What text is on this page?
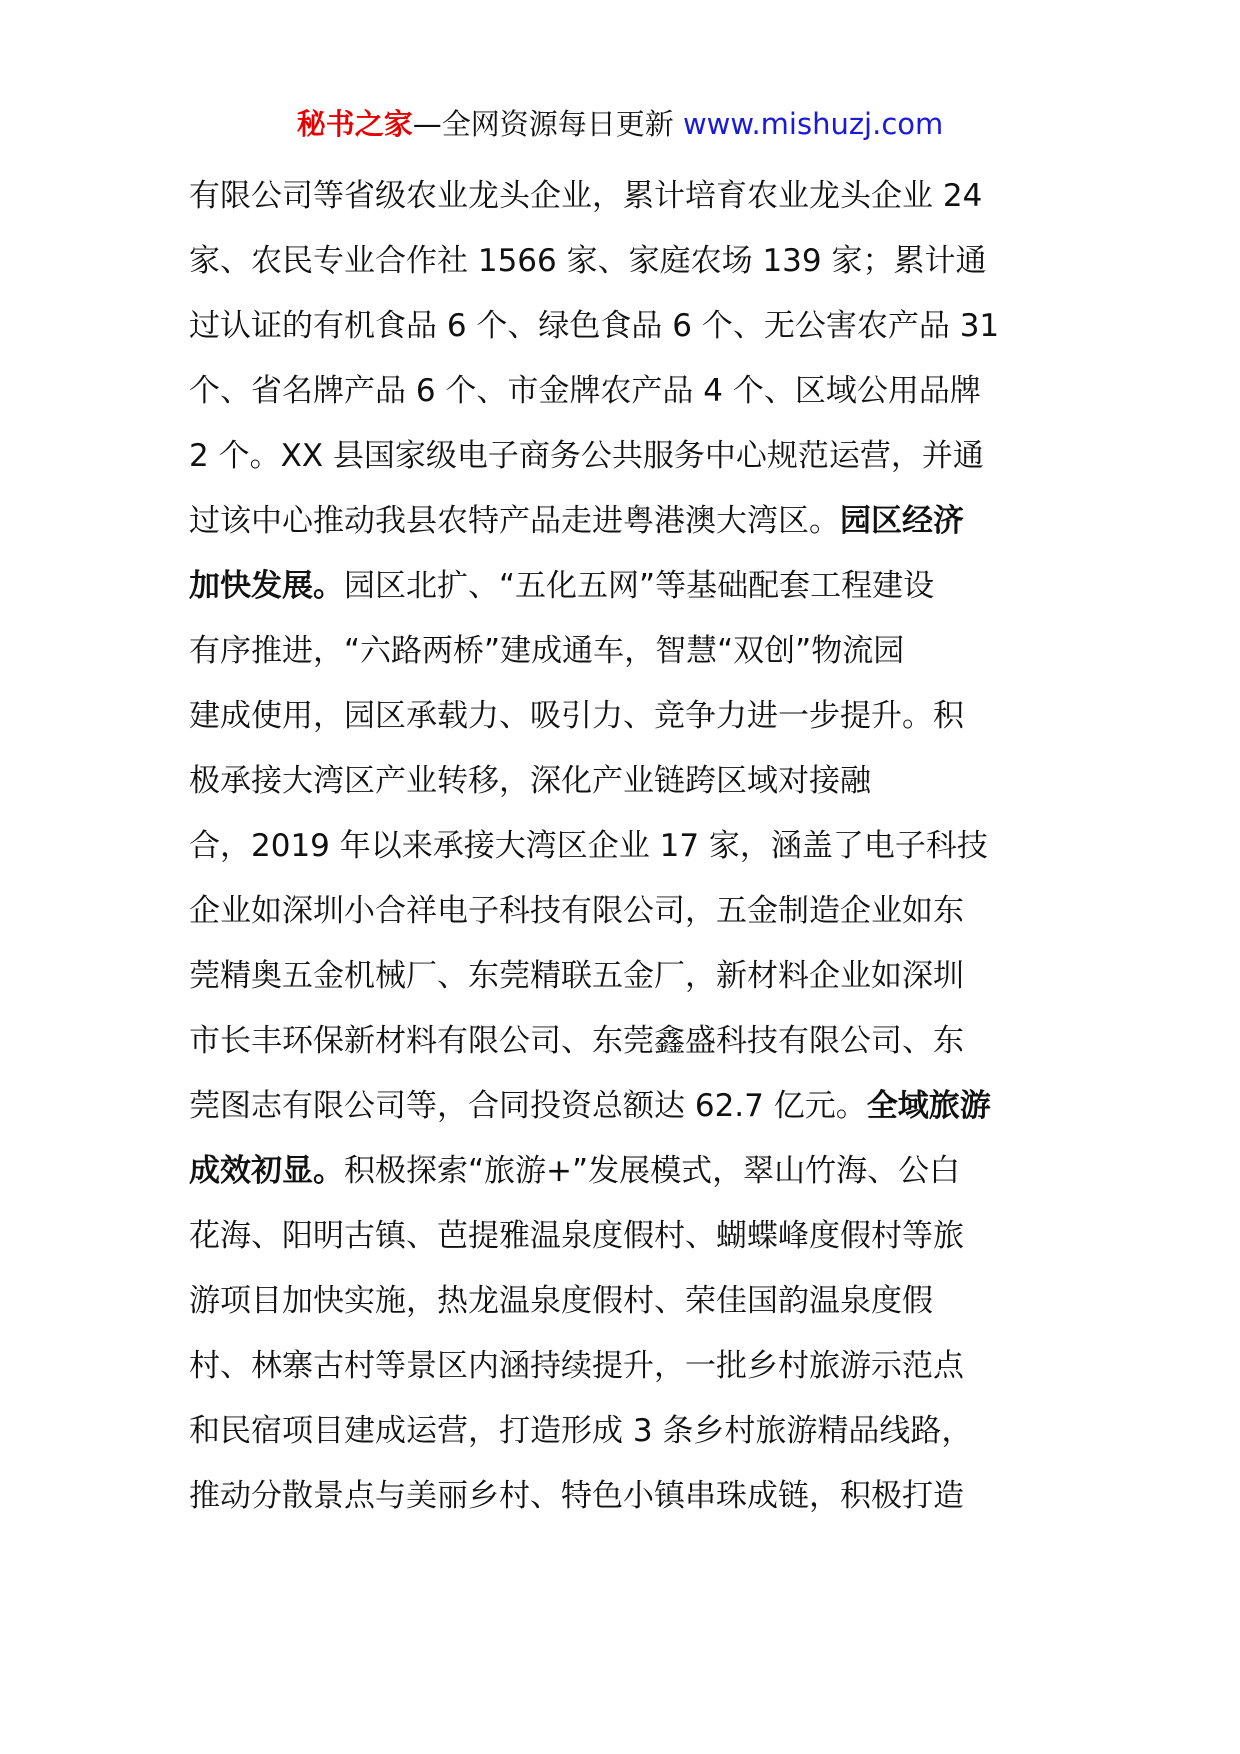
秘书之家—全网资源每日更新 www.mishuzj.com
有限公司等省级农业龙头企业，累计培育农业龙头企业 24
家、农民专业合作社 1566 家、家庭农场 139 家；累计通
过认证的有机食品 6 个、绿色食品 6 个、无公害农产品 31
个、省名牌产品 6 个、市金牌农产品 4 个、区域公用品牌
2 个。XX 县国家级电子商务公共服务中心规范运营，并通
过该中心推动我县农特产品走进粤港澳大湾区。园区经济
加快发展。园区北扩、“五化五网”等基础配套工程建设
有序推进，“六路两桥”建成通车，智慧“双创”物流园
建成使用，园区承载力、吸引力、竞争力进一步提升。积
极承接大湾区产业转移，深化产业链跨区域对接融
合，2019 年以来承接大湾区企业 17 家，涵盖了电子科技
企业如深圳小合祥电子科技有限公司，五金制造企业如东
莞精奥五金机械厂、东莞精联五金厂，新材料企业如深圳
市长丰环保新材料有限公司、东莞鑫盛科技有限公司、东
莞图志有限公司等，合同投资总额达 62.7 亿元。全域旅游
成效初显。积极探索“旅游+”发展模式，翠山竹海、公白
花海、阳明古镇、芭提雅温泉度假村、蝴蝶峰度假村等旅
游项目加快实施，热龙温泉度假村、荣佳国韵温泉度假
村、林寨古村等景区内涵持续提升，一批乡村旅游示范点
和民宿项目建成运营，打造形成 3 条乡村旅游精品线路，
推动分散景点与美丽乡村、特色小镇串珠成链，积极打造
